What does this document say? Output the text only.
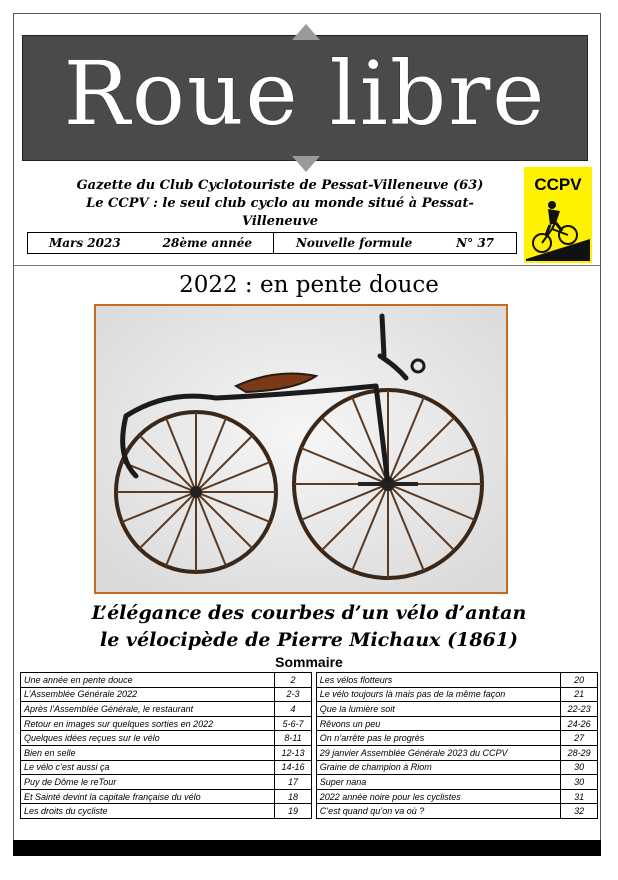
Roue libre
Gazette du Club Cyclotouriste de Pessat-Villeneuve (63)
Le CCPV : le seul club cyclo au monde situé à Pessat-Villeneuve
CCPV
Mars 2023	28ème année	Nouvelle formule	N° 37
2022 : en pente douce
L’élégance des courbes d’un vélo d’antan
le vélocipède de Pierre Michaux (1861)
Sommaire
Une année en pente douce	2		Les vélos flotteurs	20
L’Assemblée Générale 2022	2-3		Le vélo toujours là mais pas de la même façon	21
Après l’Assemblée Générale, le restaurant	4		Que la lumière soit	22-23
Retour en images sur quelques sorties en 2022	5-6-7		Rêvons un peu	24-26
Quelques idées reçues sur le vélo	8-11		On n’arrête pas le progrès	27
Bien en selle	12-13		29 janvier Assemblée Générale 2023 du CCPV	28-29
Le vélo c’est aussi ça	14-16		Graine de champion à Riom	30
Puy de Dôme le reTour	17		Super nana	30
Et Sainté devint la capitale française du vélo	18		2022 année noire pour les cyclistes	31
Les droits du cycliste	19		C’est quand qu’on va où ?	32
